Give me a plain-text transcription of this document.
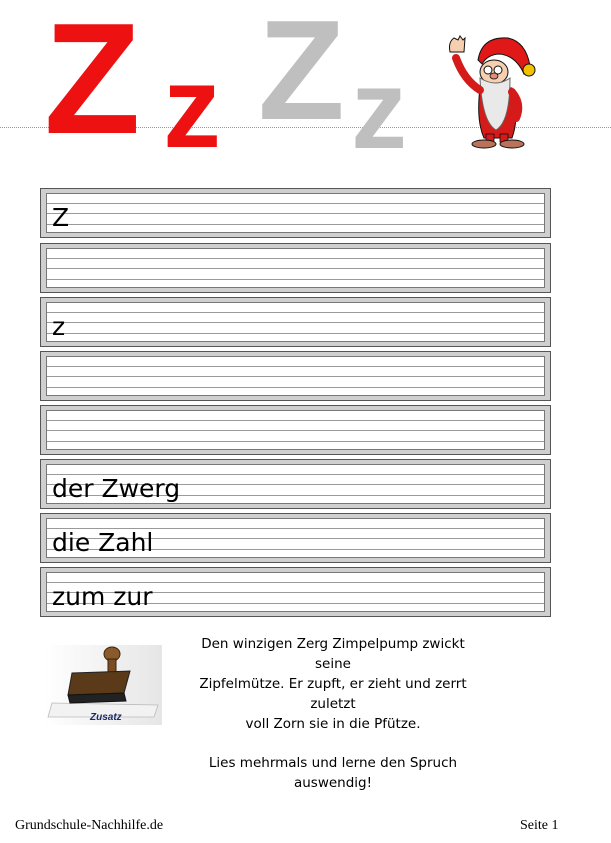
Z z Z z

Z
z
der Zwerg
die Zahl
zum zur
Zusatz

Den winzigen Zerg Zimpelpump zwickt seine

Zipfelmütze. Er zupft, er zieht und zerrt zuletzt

voll Zorn sie in die Pfütze.

Lies mehrmals und lerne den Spruch

auswendig!

Grundschule-Nachhilfe.de	Seite 1
